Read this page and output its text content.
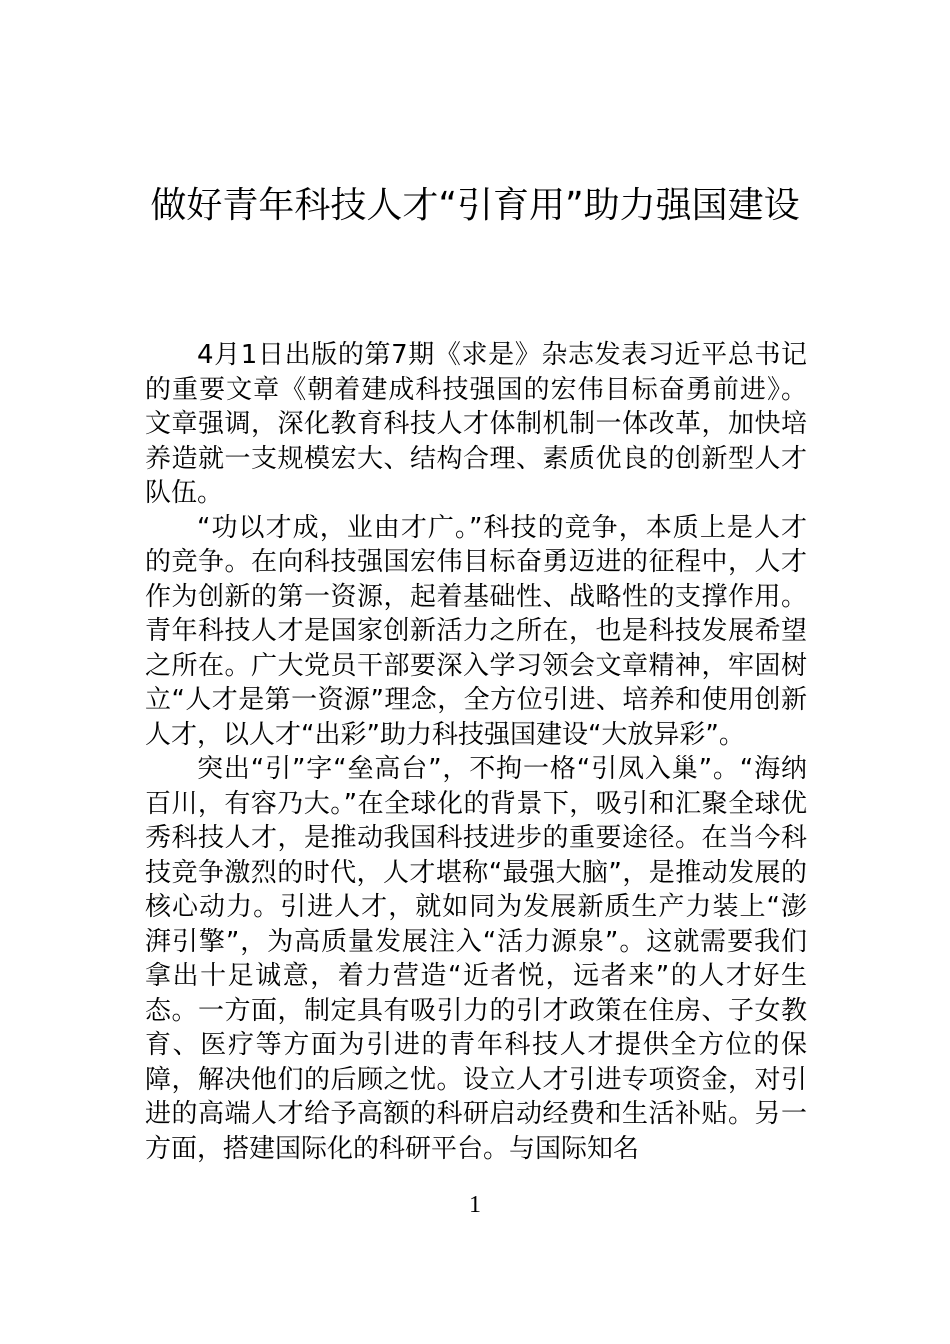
做好青年科技人才“引育用”助力强国建设

4月1日出版的第7期《求是》杂志发表习近平总书记的重要文章《朝着建成科技强国的宏伟目标奋勇前进》。文章强调，深化教育科技人才体制机制一体改革，加快培养造就一支规模宏大、结构合理、素质优良的创新型人才队伍。

“功以才成，业由才广。”科技的竞争，本质上是人才的竞争。在向科技强国宏伟目标奋勇迈进的征程中，人才作为创新的第一资源，起着基础性、战略性的支撑作用。青年科技人才是国家创新活力之所在，也是科技发展希望之所在。广大党员干部要深入学习领会文章精神，牢固树立“人才是第一资源”理念，全方位引进、培养和使用创新人才，以人才“出彩”助力科技强国建设“大放异彩”。

突出“引”字“垒高台”，不拘一格“引凤入巢”。“海纳百川，有容乃大。”在全球化的背景下，吸引和汇聚全球优秀科技人才，是推动我国科技进步的重要途径。在当今科技竞争激烈的时代，人才堪称“最强大脑”，是推动发展的核心动力。引进人才，就如同为发展新质生产力装上“澎湃引擎”，为高质量发展注入“活力源泉”。这就需要我们拿出十足诚意，着力营造“近者悦，远者来”的人才好生态。一方面，制定具有吸引力的引才政策在住房、子女教育、医疗等方面为引进的青年科技人才提供全方位的保障，解决他们的后顾之忧。设立人才引进专项资金，对引进的高端人才给予高额的科研启动经费和生活补贴。另一方面，搭建国际化的科研平台。与国际知名

1
